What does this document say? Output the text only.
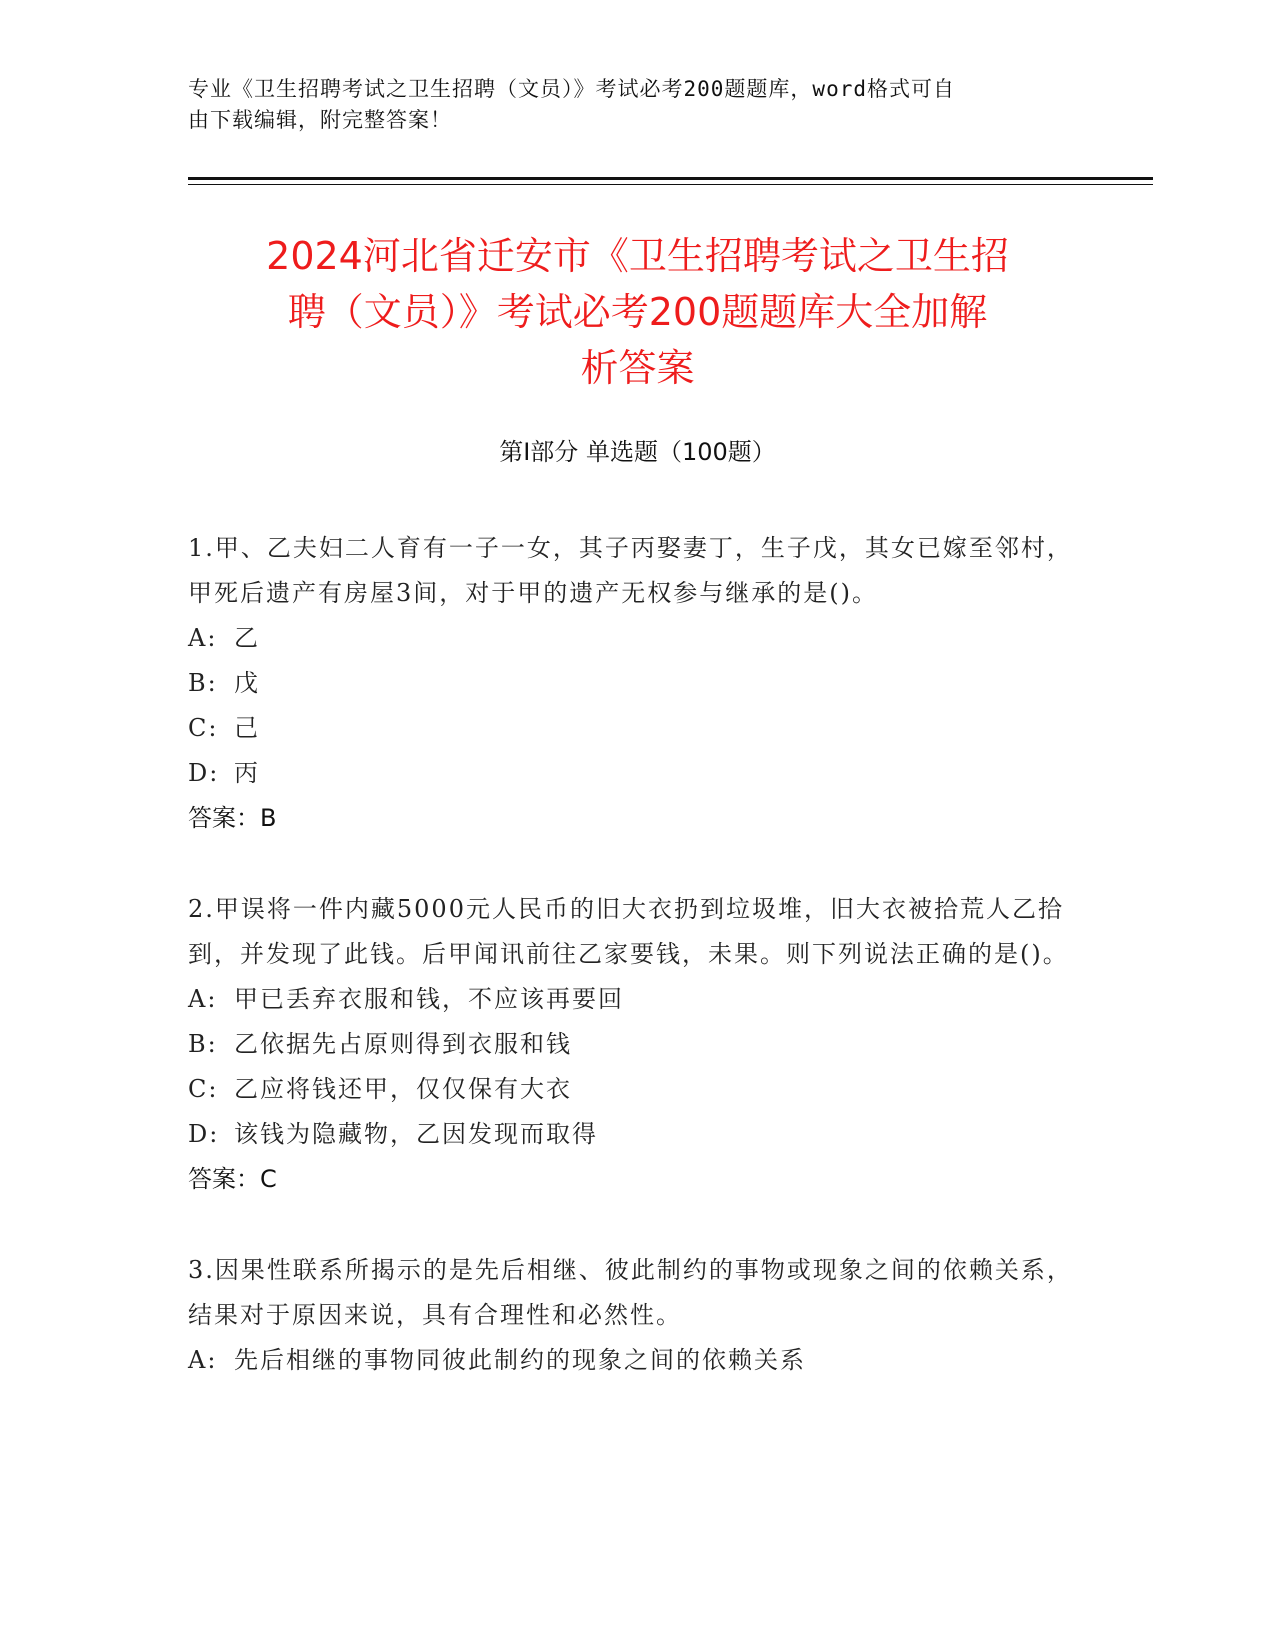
专业《卫生招聘考试之卫生招聘（文员）》考试必考200题题库，word格式可自
由下载编辑，附完整答案！
2024河北省迁安市《卫生招聘考试之卫生招
聘（文员）》考试必考200题题库大全加解
析答案
第Ⅰ部分 单选题（100题）
1.甲、乙夫妇二人育有一子一女，其子丙娶妻丁，生子戊，其女已嫁至邻村，甲死后遗产有房屋3间，对于甲的遗产无权参与继承的是()。
A: 乙
B: 戊
C: 己
D: 丙
答案：B
2.甲误将一件内藏5000元人民币的旧大衣扔到垃圾堆，旧大衣被拾荒人乙拾到，并发现了此钱。后甲闻讯前往乙家要钱，未果。则下列说法正确的是()。
A: 甲已丢弃衣服和钱，不应该再要回
B: 乙依据先占原则得到衣服和钱
C: 乙应将钱还甲，仅仅保有大衣
D: 该钱为隐藏物，乙因发现而取得
答案：C
3.因果性联系所揭示的是先后相继、彼此制约的事物或现象之间的依赖关系，结果对于原因来说，具有合理性和必然性。
A: 先后相继的事物同彼此制约的现象之间的依赖关系
